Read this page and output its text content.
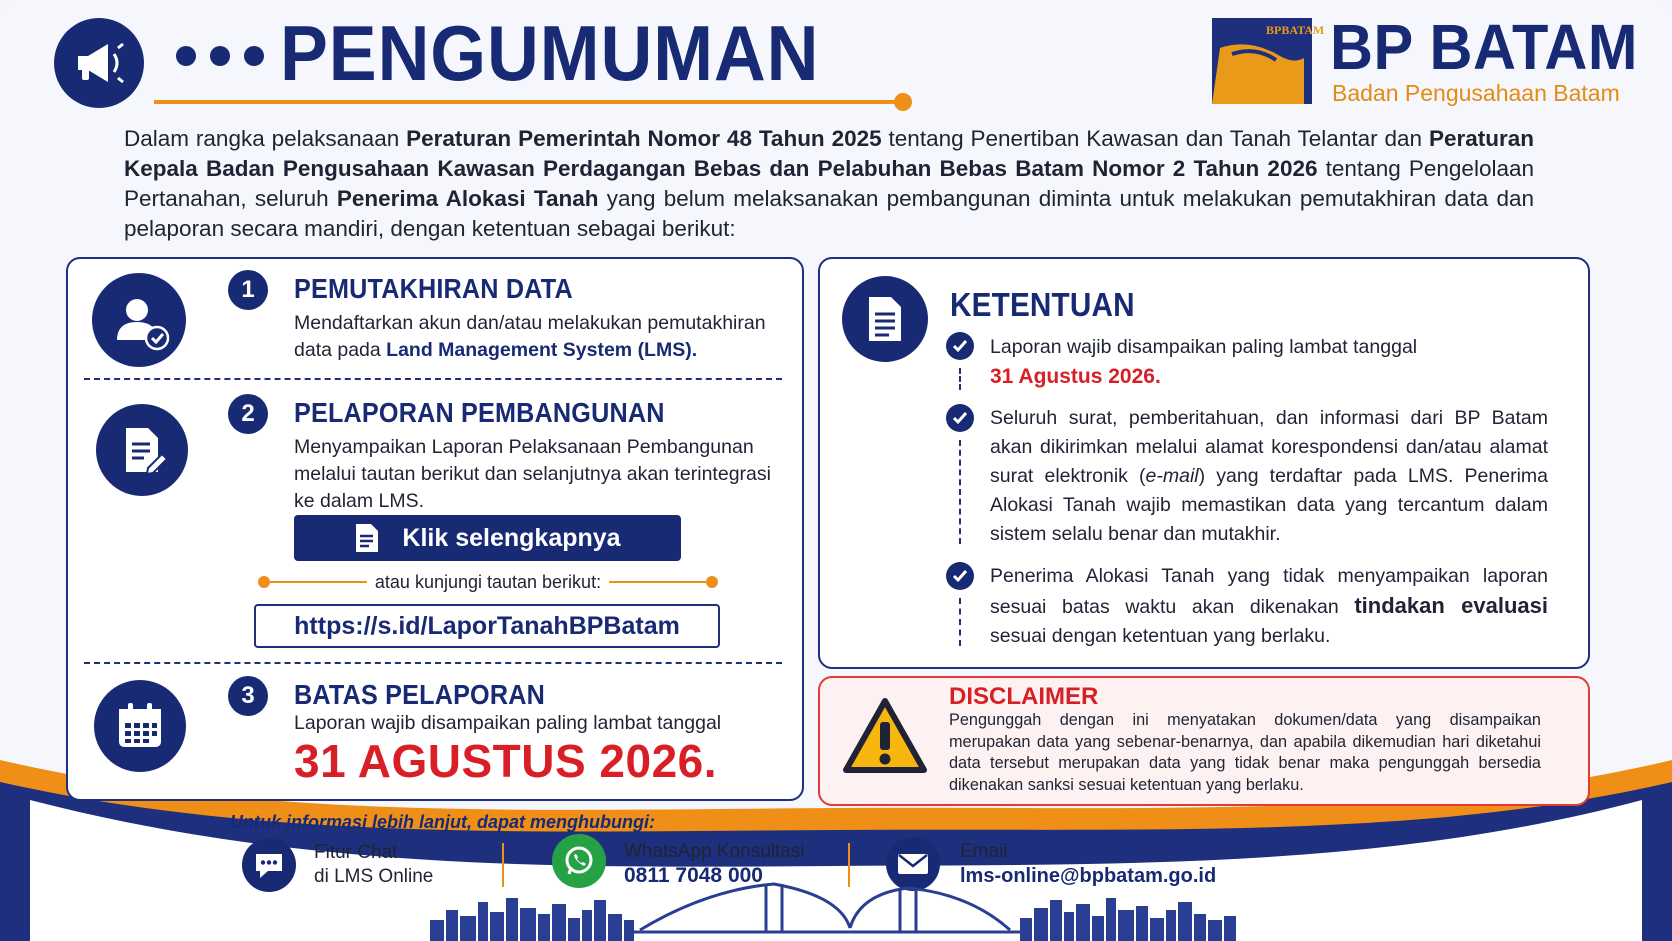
PENGUMUMAN	BPBATAM BP BATAM
Badan Pengusahaan Batam
Dalam rangka pelaksanaan Peraturan Pemerintah Nomor 48 Tahun 2025 tentang Penertiban Kawasan dan Tanah Telantar dan Peraturan Kepala Badan Pengusahaan Kawasan Perdagangan Bebas dan Pelabuhan Bebas Batam Nomor 2 Tahun 2026 tentang Pengelolaan Pertanahan, seluruh Penerima Alokasi Tanah yang belum melaksanakan pembangunan diminta untuk melakukan pemutakhiran data dan pelaporan secara mandiri, dengan ketentuan sebagai berikut:
1	PEMUTAKHIRAN DATA
Mendaftarkan akun dan/atau melakukan pemutakhiran data pada Land Management System (LMS).
2	PELAPORAN PEMBANGUNAN
Menyampaikan Laporan Pelaksanaan Pembangunan melalui tautan berikut dan selanjutnya akan terintegrasi ke dalam LMS.
Klik selengkapnya
atau kunjungi tautan berikut:
https://s.id/LaporTanahBPBatam
3	BATAS PELAPORAN
Laporan wajib disampaikan paling lambat tanggal
31 AGUSTUS 2026.
KETENTUAN
Laporan wajib disampaikan paling lambat tanggal
31 Agustus 2026.
Seluruh surat, pemberitahuan, dan informasi dari BP Batam akan dikirimkan melalui alamat korespondensi dan/atau alamat surat elektronik (e-mail) yang terdaftar pada LMS. Penerima Alokasi Tanah wajib memastikan data yang tercantum dalam sistem selalu benar dan mutakhir.
Penerima Alokasi Tanah yang tidak menyampaikan laporan sesuai batas waktu akan dikenakan tindakan evaluasi sesuai dengan ketentuan yang berlaku.
DISCLAIMER
Pengunggah dengan ini menyatakan dokumen/data yang disampaikan merupakan data yang sebenar-benarnya, dan apabila dikemudian hari diketahui data tersebut merupakan data yang tidak benar maka pengunggah bersedia dikenakan sanksi sesuai ketentuan yang berlaku.
Untuk informasi lebih lanjut, dapat menghubungi:
Fitur Chat
di LMS Online
WhatsApp Konsultasi
0811 7048 000
Email
lms-online@bpbatam.go.id
